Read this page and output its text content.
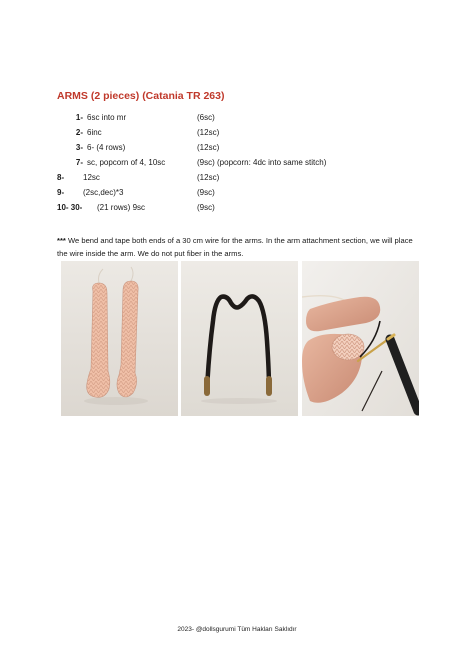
ARMS (2 pieces) (Catania TR 263)
1- 6sc into mr	(6sc)
2- 6inc	(12sc)
3- 6- (4 rows)	(12sc)
7- sc, popcorn of 4, 10sc	(9sc) (popcorn: 4dc into same stitch)
8-	12sc	(12sc)
9-	(2sc,dec)*3	(9sc)
10- 30-	(21 rows) 9sc	(9sc)
*** We bend and tape both ends of a 30 cm wire for the arms. In the arm attachment section, we will place the wire inside the arm. We do not put fiber in the arms.
2023- @dollsgurumi Tüm Hakları Saklıdır
